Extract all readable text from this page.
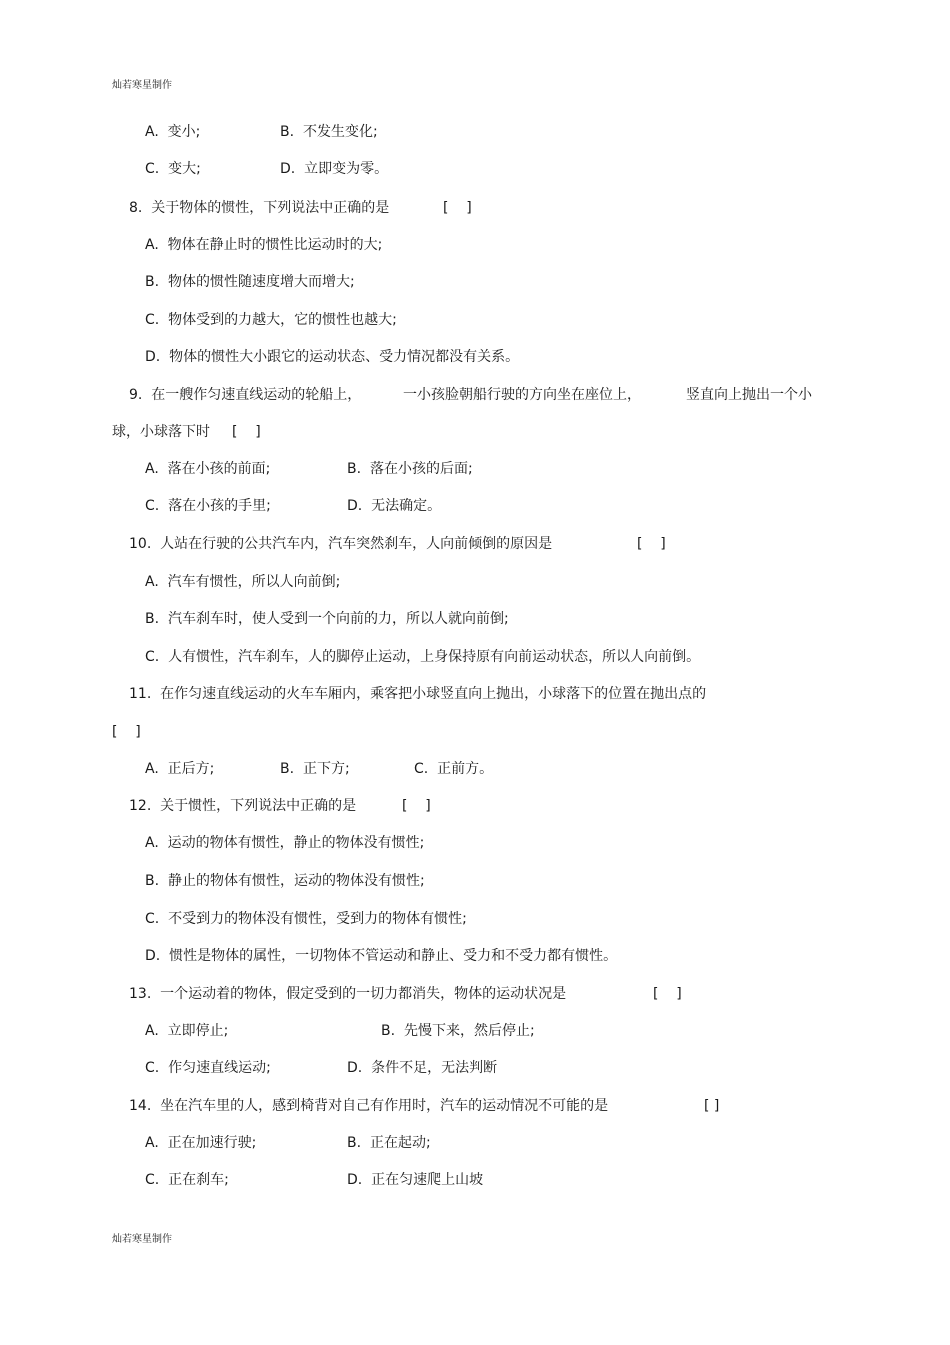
灿若寒星制作
A.  变小;	B.  不发生变化;
C.  变大;	D.  立即变为零。
8.  关于物体的惯性，下列说法中正确的是	[    ]
A.  物体在静止时的惯性比运动时的大;
B.  物体的惯性随速度增大而增大;
C.  物体受到的力越大，它的惯性也越大;
D.  物体的惯性大小跟它的运动状态、受力情况都没有关系。
9.  在一艘作匀速直线运动的轮船上，	一小孩脸朝船行驶的方向坐在座位上，	竖直向上抛出一个小
球，小球落下时 [    ]
A.  落在小孩的前面;	B.  落在小孩的后面;
C.  落在小孩的手里;	D.  无法确定。
10.  人站在行驶的公共汽车内，汽车突然刹车，人向前倾倒的原因是	[    ]
A.  汽车有惯性，所以人向前倒;
B.  汽车刹车时，使人受到一个向前的力，所以人就向前倒;
C.  人有惯性，汽车刹车，人的脚停止运动，上身保持原有向前运动状态，所以人向前倒。
11.  在作匀速直线运动的火车车厢内，乘客把小球竖直向上抛出，小球落下的位置在抛出点的
[    ]
A.  正后方;	B.  正下方;	C.  正前方。
12.  关于惯性，下列说法中正确的是	[    ]
A.  运动的物体有惯性，静止的物体没有惯性;
B.  静止的物体有惯性，运动的物体没有惯性;
C.  不受到力的物体没有惯性，受到力的物体有惯性;
D.  惯性是物体的属性，一切物体不管运动和静止、受力和不受力都有惯性。
13.  一个运动着的物体，假定受到的一切力都消失，物体的运动状况是	[    ]
A.  立即停止;	B.  先慢下来，然后停止;
C.  作匀速直线运动;	D.  条件不足，无法判断
14.  坐在汽车里的人，感到椅背对自己有作用时，汽车的运动情况不可能的是	[ ]
A.  正在加速行驶;	B.  正在起动;
C.  正在刹车;	D.  正在匀速爬上山坡
灿若寒星制作
